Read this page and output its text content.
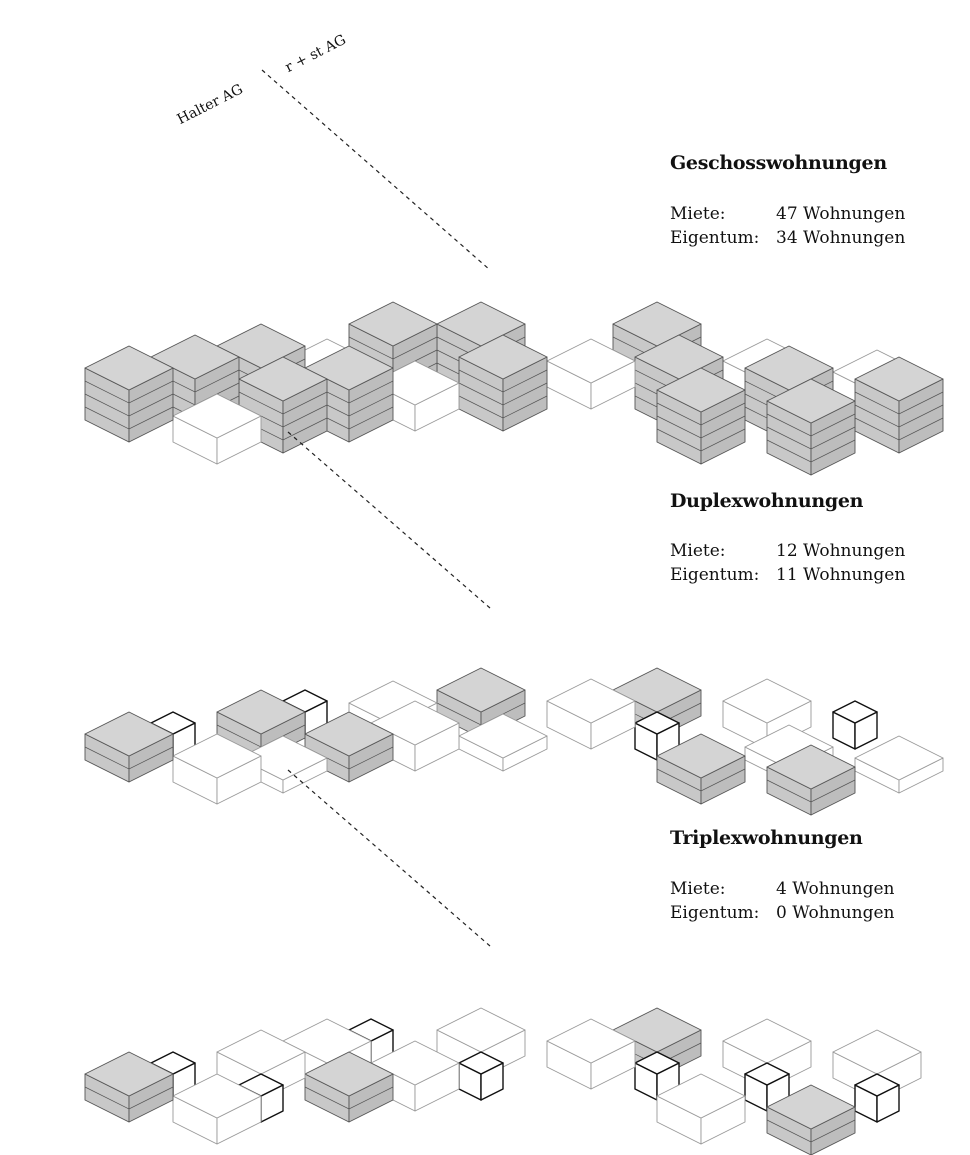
Halter AG
r + st AG
Geschosswohnungen
Miete:	47 Wohnungen
Eigentum: 34 Wohnungen
Duplexwohnungen
Miete:	12 Wohnungen
Eigentum: 11 Wohnungen
Triplexwohnungen
Miete:	4 Wohnungen
Eigentum: 0 Wohnungen
